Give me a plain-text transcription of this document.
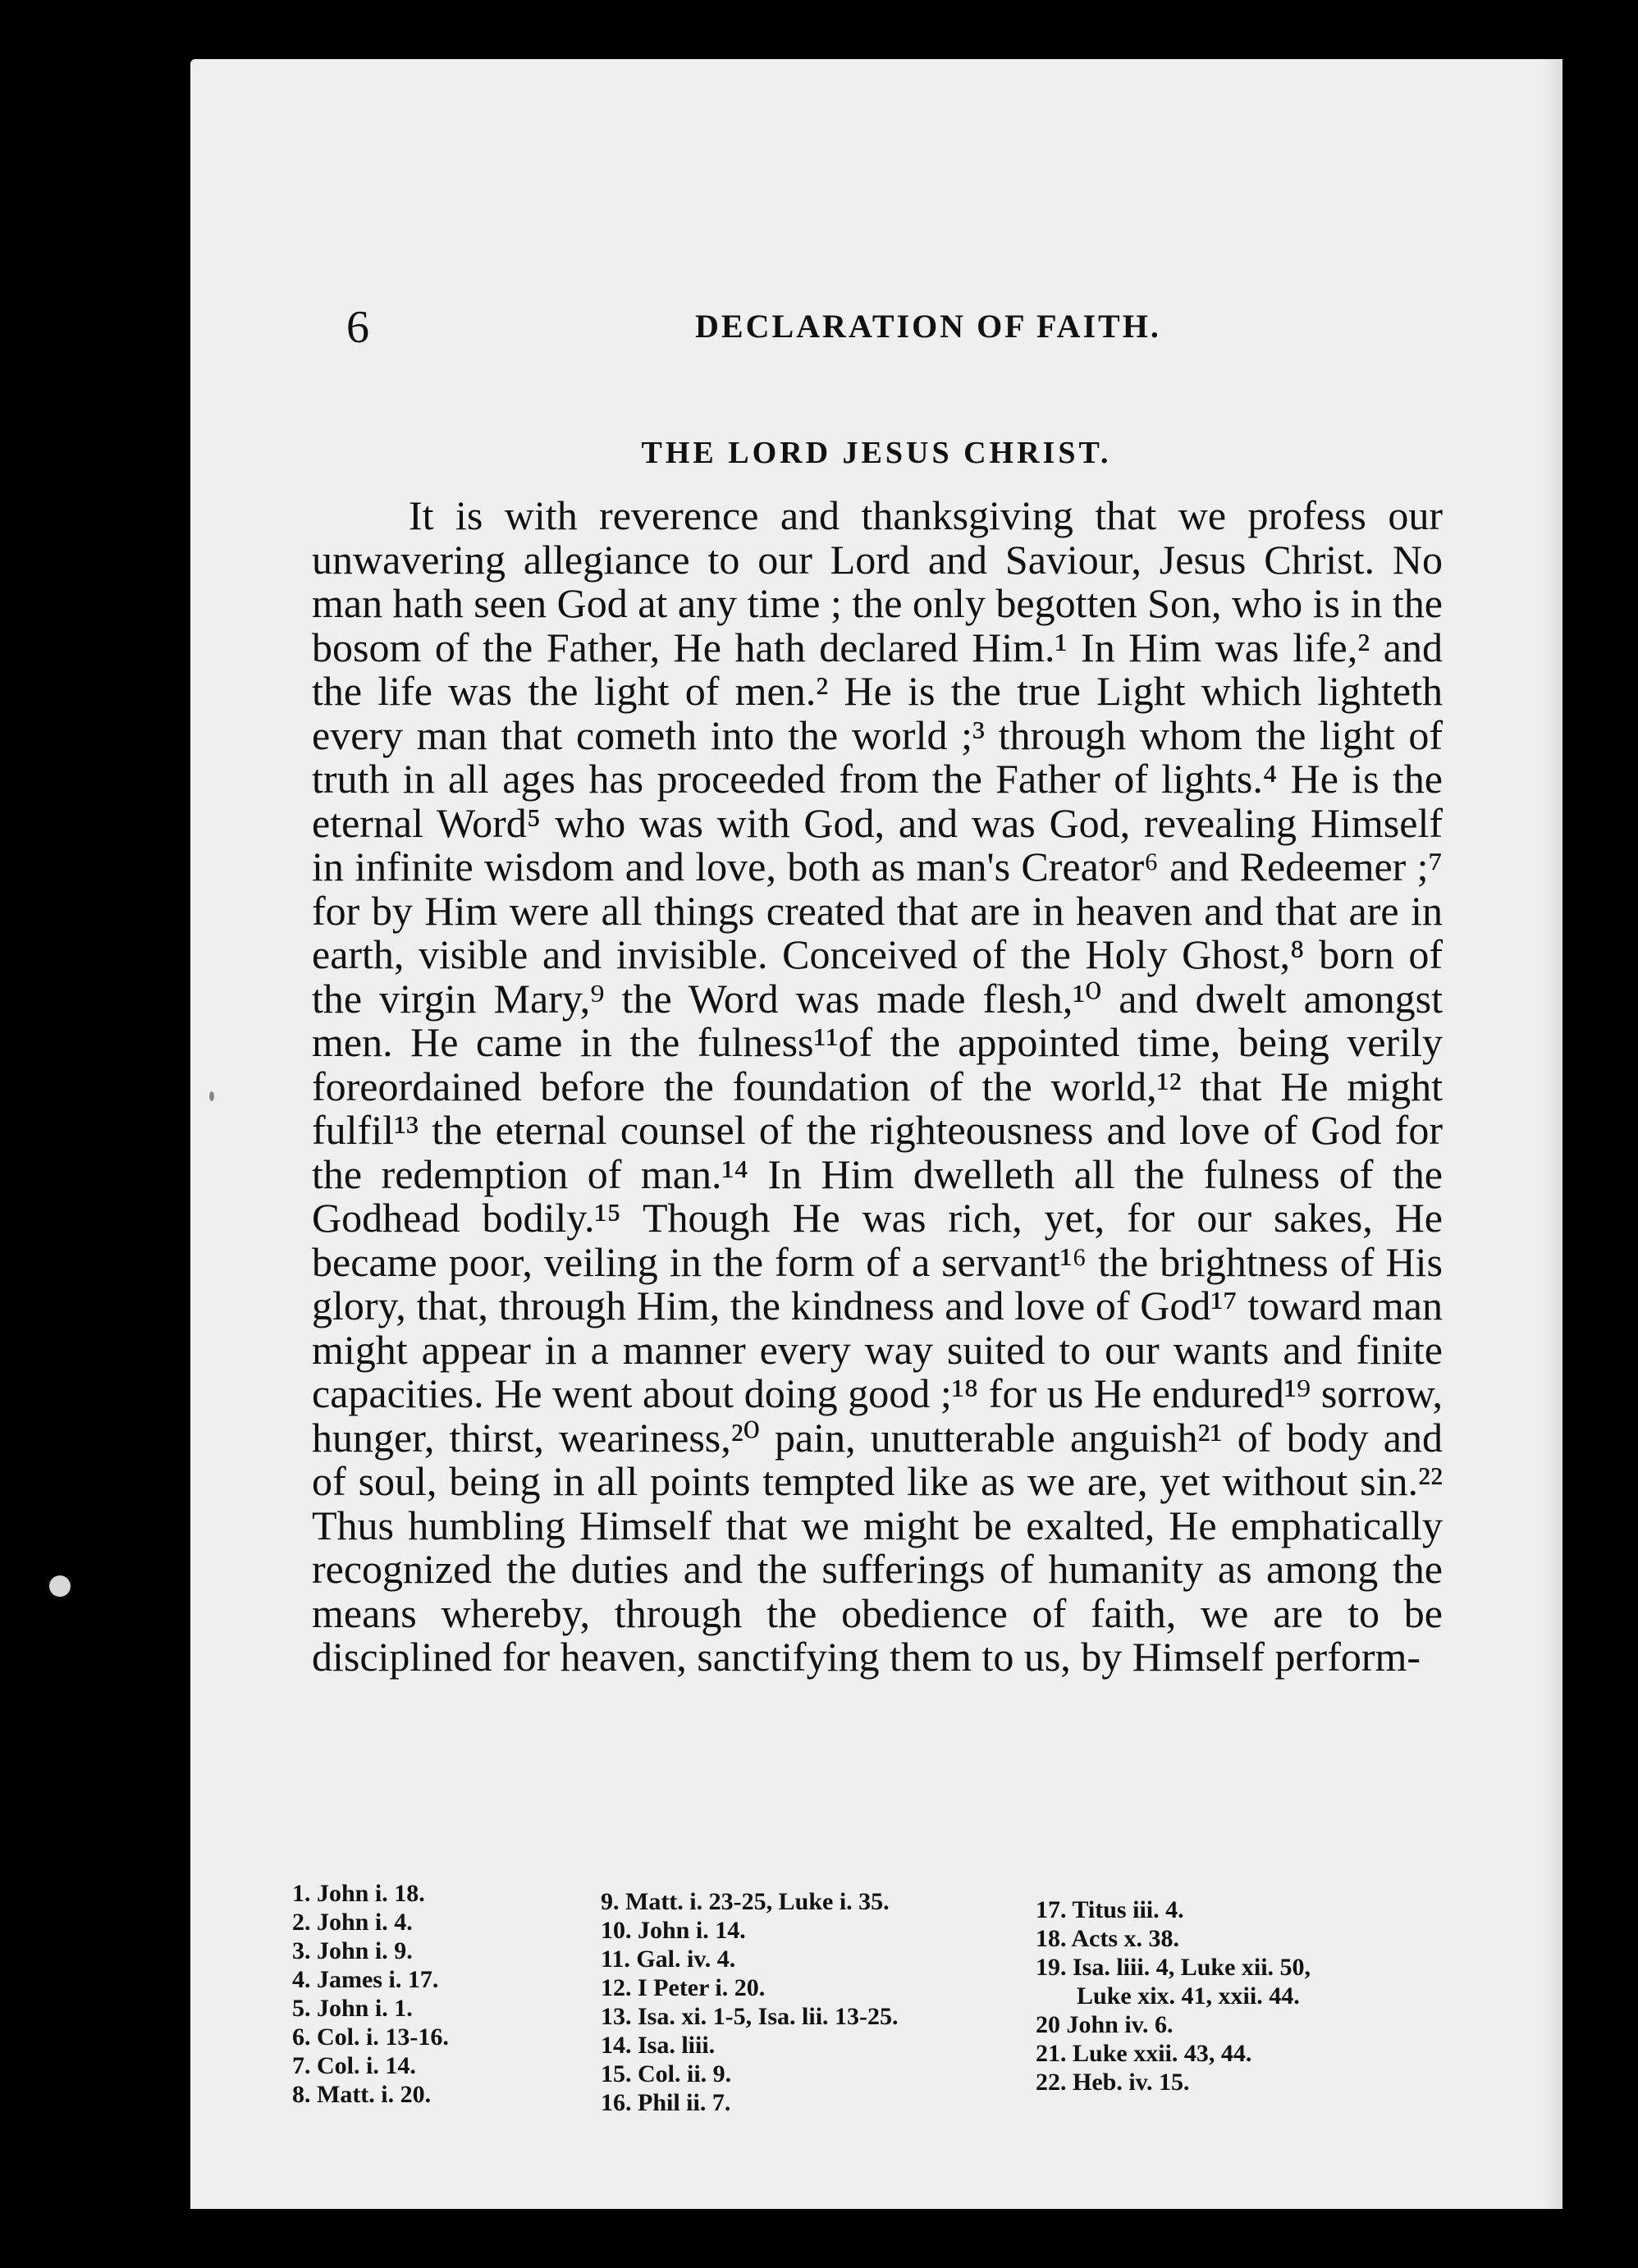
6	DECLARATION OF FAITH.
THE LORD JESUS CHRIST.

It is with reverence and thanksgiving that we profess our unwavering allegiance to our Lord and Saviour, Jesus Christ. No man hath seen God at any time ; the only begotten Son, who is in the bosom of the Father, He hath declared Him.¹ In Him was life,² and the life was the light of men.² He is the true Light which lighteth every man that cometh into the world ;³ through whom the light of truth in all ages has proceeded from the Father of lights.⁴ He is the eternal Word⁵ who was with God, and was God, revealing Himself in infinite wisdom and love, both as man's Creator⁶ and Redeemer ;⁷ for by Him were all things created that are in heaven and that are in earth, visible and invisible. Conceived of the Holy Ghost,⁸ born of the virgin Mary,⁹ the Word was made flesh,¹⁰ and dwelt amongst men. He came in the fulness¹¹of the appointed time, being verily foreordained before the foundation of the world,¹² that He might fulfil¹³ the eternal counsel of the righteousness and love of God for the redemption of man.¹⁴ In Him dwelleth all the fulness of the Godhead bodily.¹⁵ Though He was rich, yet, for our sakes, He became poor, veiling in the form of a servant¹⁶ the brightness of His glory, that, through Him, the kindness and love of God¹⁷ toward man might appear in a manner every way suited to our wants and finite capacities. He went about doing good ;¹⁸ for us He endured¹⁹ sorrow, hunger, thirst, weariness,²⁰ pain, unutterable anguish²¹ of body and of soul, being in all points tempted like as we are, yet without sin.²² Thus humbling Himself that we might be exalted, He emphatically recognized the duties and the sufferings of humanity as among the means whereby, through the obedience of faith, we are to be disciplined for heaven, sanctifying them to us, by Himself perform-

1. John i. 18.
2. John i. 4.
3. John i. 9.
4. James i. 17.
5. John i. 1.
6. Col. i. 13-16.
7. Col. i. 14.
8. Matt. i. 20.
9. Matt. i. 23-25, Luke i. 35.
10. John i. 14.
11. Gal. iv. 4.
12. I Peter i. 20.
13. Isa. xi. 1-5, Isa. lii. 13-25.
14. Isa. liii.
15. Col. ii. 9.
16. Phil ii. 7.
17. Titus iii. 4.
18. Acts x. 38.
19. Isa. liii. 4, Luke xii. 50,
Luke xix. 41, xxii. 44.
20 John iv. 6.
21. Luke xxii. 43, 44.
22. Heb. iv. 15.
